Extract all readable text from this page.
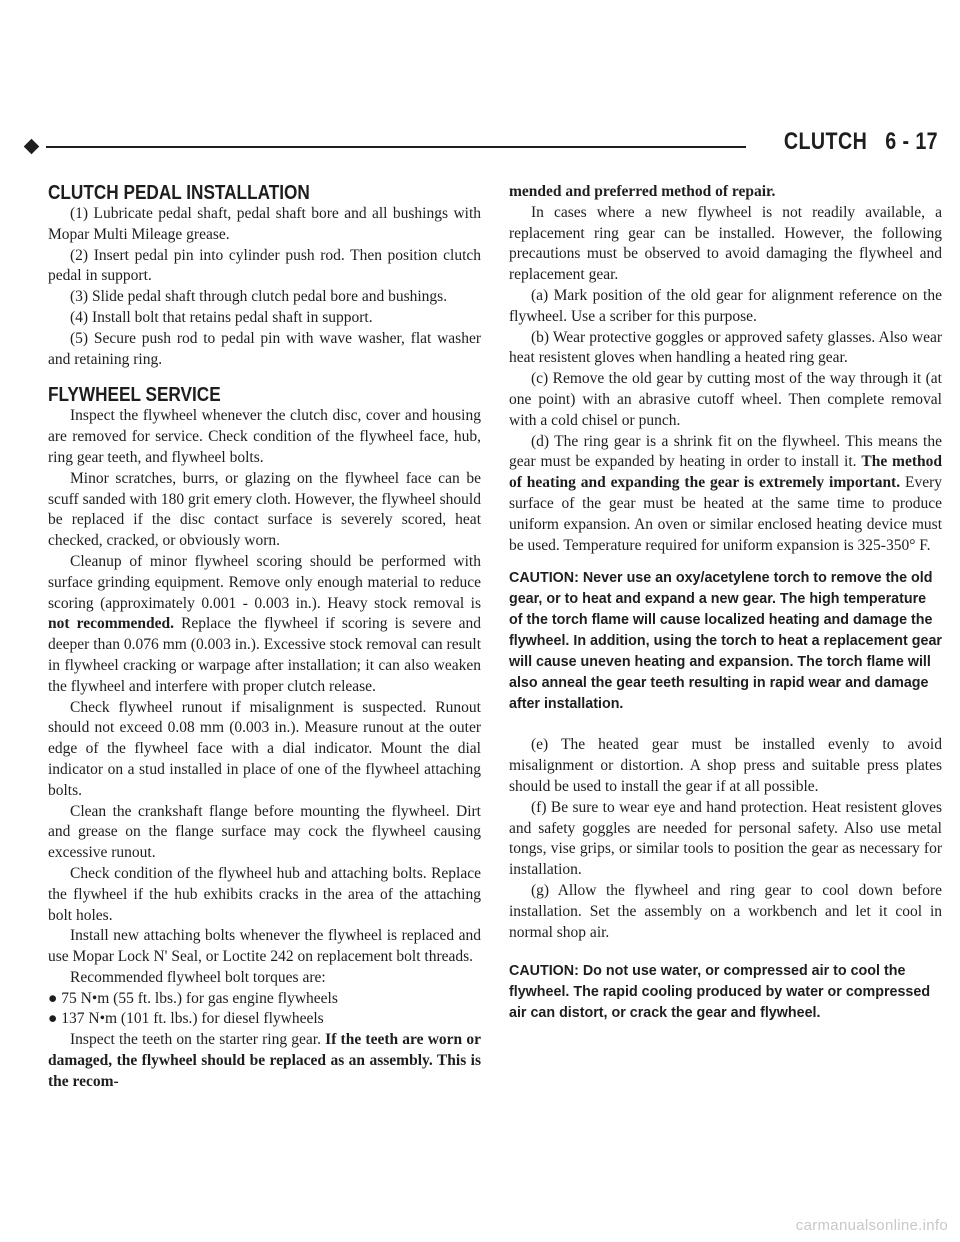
CLUTCH 6 - 17
CLUTCH PEDAL INSTALLATION

(1) Lubricate pedal shaft, pedal shaft bore and all bushings with Mopar Multi Mileage grease.

(2) Insert pedal pin into cylinder push rod. Then position clutch pedal in support.

(3) Slide pedal shaft through clutch pedal bore and bushings.

(4) Install bolt that retains pedal shaft in support.

(5) Secure push rod to pedal pin with wave washer, flat washer and retaining ring.

FLYWHEEL SERVICE

Inspect the flywheel whenever the clutch disc, cover and housing are removed for service. Check condition of the flywheel face, hub, ring gear teeth, and flywheel bolts.

Minor scratches, burrs, or glazing on the flywheel face can be scuff sanded with 180 grit emery cloth. However, the flywheel should be replaced if the disc contact surface is severely scored, heat checked, cracked, or obviously worn.

Cleanup of minor flywheel scoring should be performed with surface grinding equipment. Remove only enough material to reduce scoring (approximately 0.001 - 0.003 in.). Heavy stock removal is not recommended. Replace the flywheel if scoring is severe and deeper than 0.076 mm (0.003 in.). Excessive stock removal can result in flywheel cracking or warpage after installation; it can also weaken the flywheel and interfere with proper clutch release.

Check flywheel runout if misalignment is suspected. Runout should not exceed 0.08 mm (0.003 in.). Measure runout at the outer edge of the flywheel face with a dial indicator. Mount the dial indicator on a stud installed in place of one of the flywheel attaching bolts.

Clean the crankshaft flange before mounting the flywheel. Dirt and grease on the flange surface may cock the flywheel causing excessive runout.

Check condition of the flywheel hub and attaching bolts. Replace the flywheel if the hub exhibits cracks in the area of the attaching bolt holes.

Install new attaching bolts whenever the flywheel is replaced and use Mopar Lock N' Seal, or Loctite 242 on replacement bolt threads.

Recommended flywheel bolt torques are:

● 75 N•m (55 ft. lbs.) for gas engine flywheels

● 137 N•m (101 ft. lbs.) for diesel flywheels

Inspect the teeth on the starter ring gear. If the teeth are worn or damaged, the flywheel should be replaced as an assembly. This is the recom-

mended and preferred method of repair.

In cases where a new flywheel is not readily available, a replacement ring gear can be installed. However, the following precautions must be observed to avoid damaging the flywheel and replacement gear.

(a) Mark position of the old gear for alignment reference on the flywheel. Use a scriber for this purpose.

(b) Wear protective goggles or approved safety glasses. Also wear heat resistent gloves when handling a heated ring gear.

(c) Remove the old gear by cutting most of the way through it (at one point) with an abrasive cutoff wheel. Then complete removal with a cold chisel or punch.

(d) The ring gear is a shrink fit on the flywheel. This means the gear must be expanded by heating in order to install it. The method of heating and expanding the gear is extremely important. Every surface of the gear must be heated at the same time to produce uniform expansion. An oven or similar enclosed heating device must be used. Temperature required for uniform expansion is 325-350° F.

CAUTION: Never use an oxy/acetylene torch to remove the old gear, or to heat and expand a new gear. The high temperature of the torch flame will cause localized heating and damage the flywheel. In addition, using the torch to heat a replacement gear will cause uneven heating and expansion. The torch flame will also anneal the gear teeth resulting in rapid wear and damage after installation.

(e) The heated gear must be installed evenly to avoid misalignment or distortion. A shop press and suitable press plates should be used to install the gear if at all possible.

(f) Be sure to wear eye and hand protection. Heat resistent gloves and safety goggles are needed for personal safety. Also use metal tongs, vise grips, or similar tools to position the gear as necessary for installation.

(g) Allow the flywheel and ring gear to cool down before installation. Set the assembly on a workbench and let it cool in normal shop air.

CAUTION: Do not use water, or compressed air to cool the flywheel. The rapid cooling produced by water or compressed air can distort, or crack the gear and flywheel.

carmanualsonline.info
